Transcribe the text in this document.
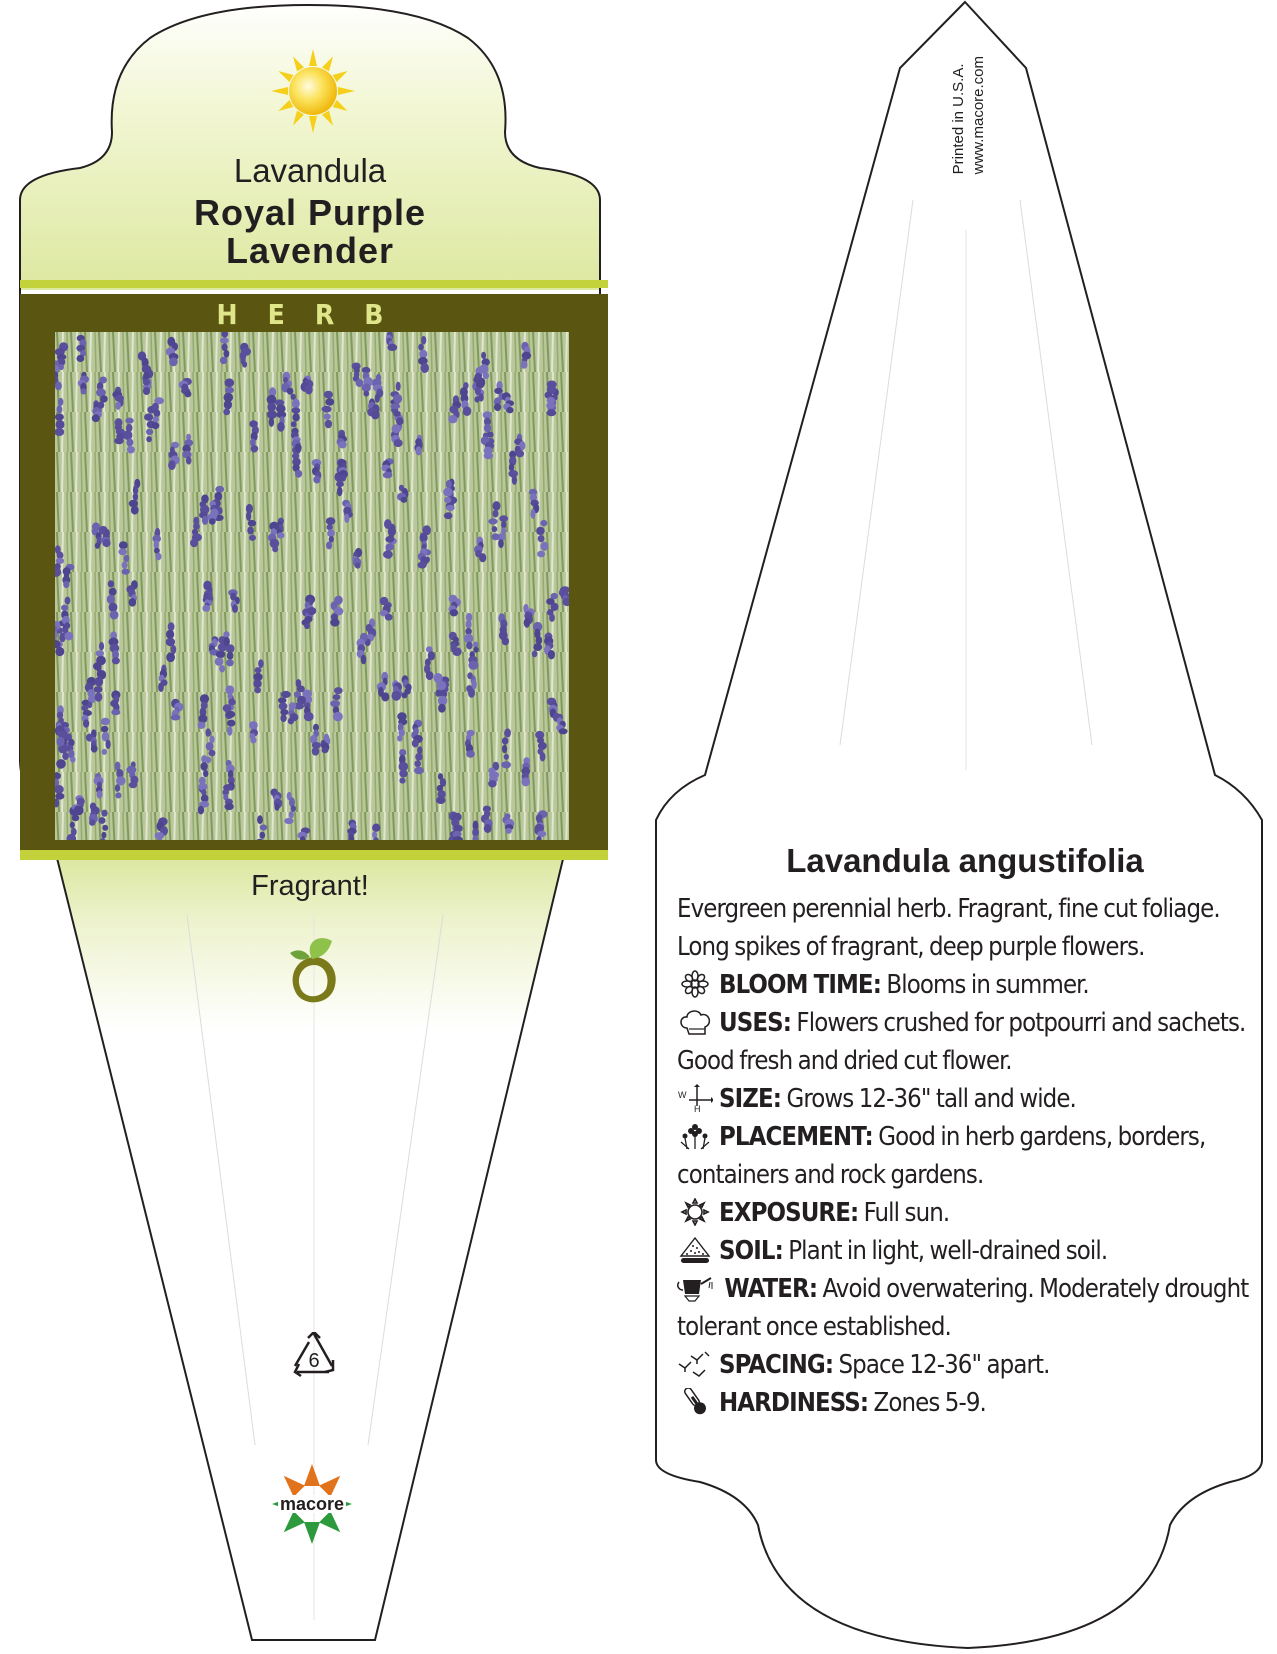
Lavandula
Royal Purple
Lavender
HERB
Fragrant!
6
macore
Printed in U.S.A. www.macore.com
Lavandula angustifolia
Evergreen perennial herb. Fragrant, fine cut foliage.
Long spikes of fragrant, deep purple flowers.
BLOOM TIME: Blooms in summer.
USES: Flowers crushed for potpourri and sachets.
Good fresh and dried cut flower.
W
H SIZE: Grows 12-36" tall and wide.
PLACEMENT: Good in herb gardens, borders,
containers and rock gardens.
EXPOSURE: Full sun.
SOIL: Plant in light, well-drained soil.
WATER: Avoid overwatering. Moderately drought
tolerant once established.
SPACING: Space 12-36" apart.
HARDINESS: Zones 5-9.
